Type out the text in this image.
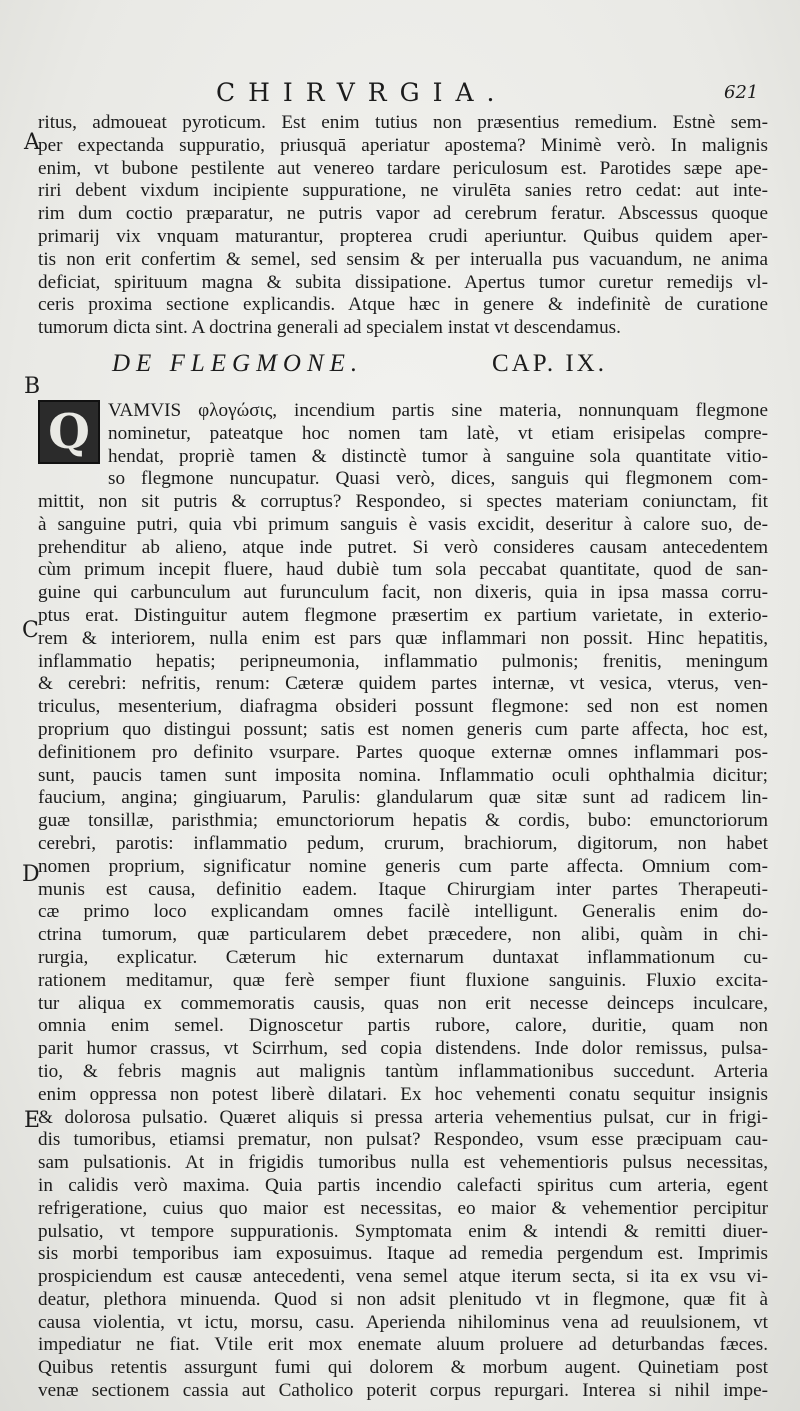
CHIRVRGIA.	621
A
B
C
D
E
ritus, admoueat pyroticum. Est enim tutius non præsentius remedium. Estnè sem-
per expectanda suppuratio, priusquā aperiatur apostema? Minimè verò. In malignis
enim, vt bubone pestilente aut venereo tardare periculosum est. Parotides sæpe ape-
riri debent vixdum incipiente suppuratione, ne virulēta sanies retro cedat: aut inte-
rim dum coctio præparatur, ne putris vapor ad cerebrum feratur. Abscessus quoque
primarij vix vnquam maturantur, propterea crudi aperiuntur. Quibus quidem aper-
tis non erit confertim & semel, sed sensim & per interualla pus vacuandum, ne anima
deficiat, spirituum magna & subita dissipatione. Apertus tumor curetur remedijs vl-
ceris proxima sectione explicandis. Atque hæc in genere & indefinitè de curatione
tumorum dicta sint. A doctrina generali ad specialem instat vt descendamus.
DE FLEGMONE.	CAP. IX.
Q VAMVIS φλογώσις, incendium partis sine materia, nonnunquam flegmone
nominetur, pateatque hoc nomen tam latè, vt etiam erisipelas compre-
hendat, propriè tamen & distinctè tumor à sanguine sola quantitate vitio-
so flegmone nuncupatur. Quasi verò, dices, sanguis qui flegmonem com-
mittit, non sit putris & corruptus? Respondeo, si spectes materiam coniunctam, fit
à sanguine putri, quia vbi primum sanguis è vasis excidit, deseritur à calore suo, de-
prehenditur ab alieno, atque inde putret. Si verò consideres causam antecedentem
cùm primum incepit fluere, haud dubiè tum sola peccabat quantitate, quod de san-
guine qui carbunculum aut furunculum facit, non dixeris, quia in ipsa massa corru-
ptus erat. Distinguitur autem flegmone præsertim ex partium varietate, in exterio-
rem & interiorem, nulla enim est pars quæ inflammari non possit. Hinc hepatitis,
inflammatio hepatis; peripneumonia, inflammatio pulmonis; frenitis, meningum
& cerebri: nefritis, renum: Cæteræ quidem partes internæ, vt vesica, vterus, ven-
triculus, mesenterium, diafragma obsideri possunt flegmone: sed non est nomen
proprium quo distingui possunt; satis est nomen generis cum parte affecta, hoc est,
definitionem pro definito vsurpare. Partes quoque externæ omnes inflammari pos-
sunt, paucis tamen sunt imposita nomina. Inflammatio oculi ophthalmia dicitur;
faucium, angina; gingiuarum, Parulis: glandularum quæ sitæ sunt ad radicem lin-
guæ tonsillæ, paristhmia; emunctoriorum hepatis & cordis, bubo: emunctoriorum
cerebri, parotis: inflammatio pedum, crurum, brachiorum, digitorum, non habet
nomen proprium, significatur nomine generis cum parte affecta. Omnium com-
munis est causa, definitio eadem. Itaque Chirurgiam inter partes Therapeuti-
cæ primo loco explicandam omnes facilè intelligunt. Generalis enim do-
ctrina tumorum, quæ particularem debet præcedere, non alibi, quàm in chi-
rurgia, explicatur. Cæterum hic externarum duntaxat inflammationum cu-
rationem meditamur, quæ ferè semper fiunt fluxione sanguinis. Fluxio excita-
tur aliqua ex commemoratis causis, quas non erit necesse deinceps inculcare,
omnia enim semel. Dignoscetur partis rubore, calore, duritie, quam non
parit humor crassus, vt Scirrhum, sed copia distendens. Inde dolor remissus, pulsa-
tio, & febris magnis aut malignis tantùm inflammationibus succedunt. Arteria
enim oppressa non potest liberè dilatari. Ex hoc vehementi conatu sequitur insignis
& dolorosa pulsatio. Quæret aliquis si pressa arteria vehementius pulsat, cur in frigi-
dis tumoribus, etiamsi prematur, non pulsat? Respondeo, vsum esse præcipuam cau-
sam pulsationis. At in frigidis tumoribus nulla est vehementioris pulsus necessitas,
in calidis verò maxima. Quia partis incendio calefacti spiritus cum arteria, egent
refrigeratione, cuius quo maior est necessitas, eo maior & vehementior percipitur
pulsatio, vt tempore suppurationis. Symptomata enim & intendi & remitti diuer-
sis morbi temporibus iam exposuimus. Itaque ad remedia pergendum est. Imprimis
prospiciendum est causæ antecedenti, vena semel atque iterum secta, si ita ex vsu vi-
deatur, plethora minuenda. Quod si non adsit plenitudo vt in flegmone, quæ fit à
causa violentia, vt ictu, morsu, casu. Aperienda nihilominus vena ad reuulsionem, vt
impediatur ne fiat. Vtile erit mox enemate aluum proluere ad deturbandas fæces.
Quibus retentis assurgunt fumi qui dolorem & morbum augent. Quinetiam post
venæ sectionem cassia aut Catholico poterit corpus repurgari. Interea si nihil impe-
